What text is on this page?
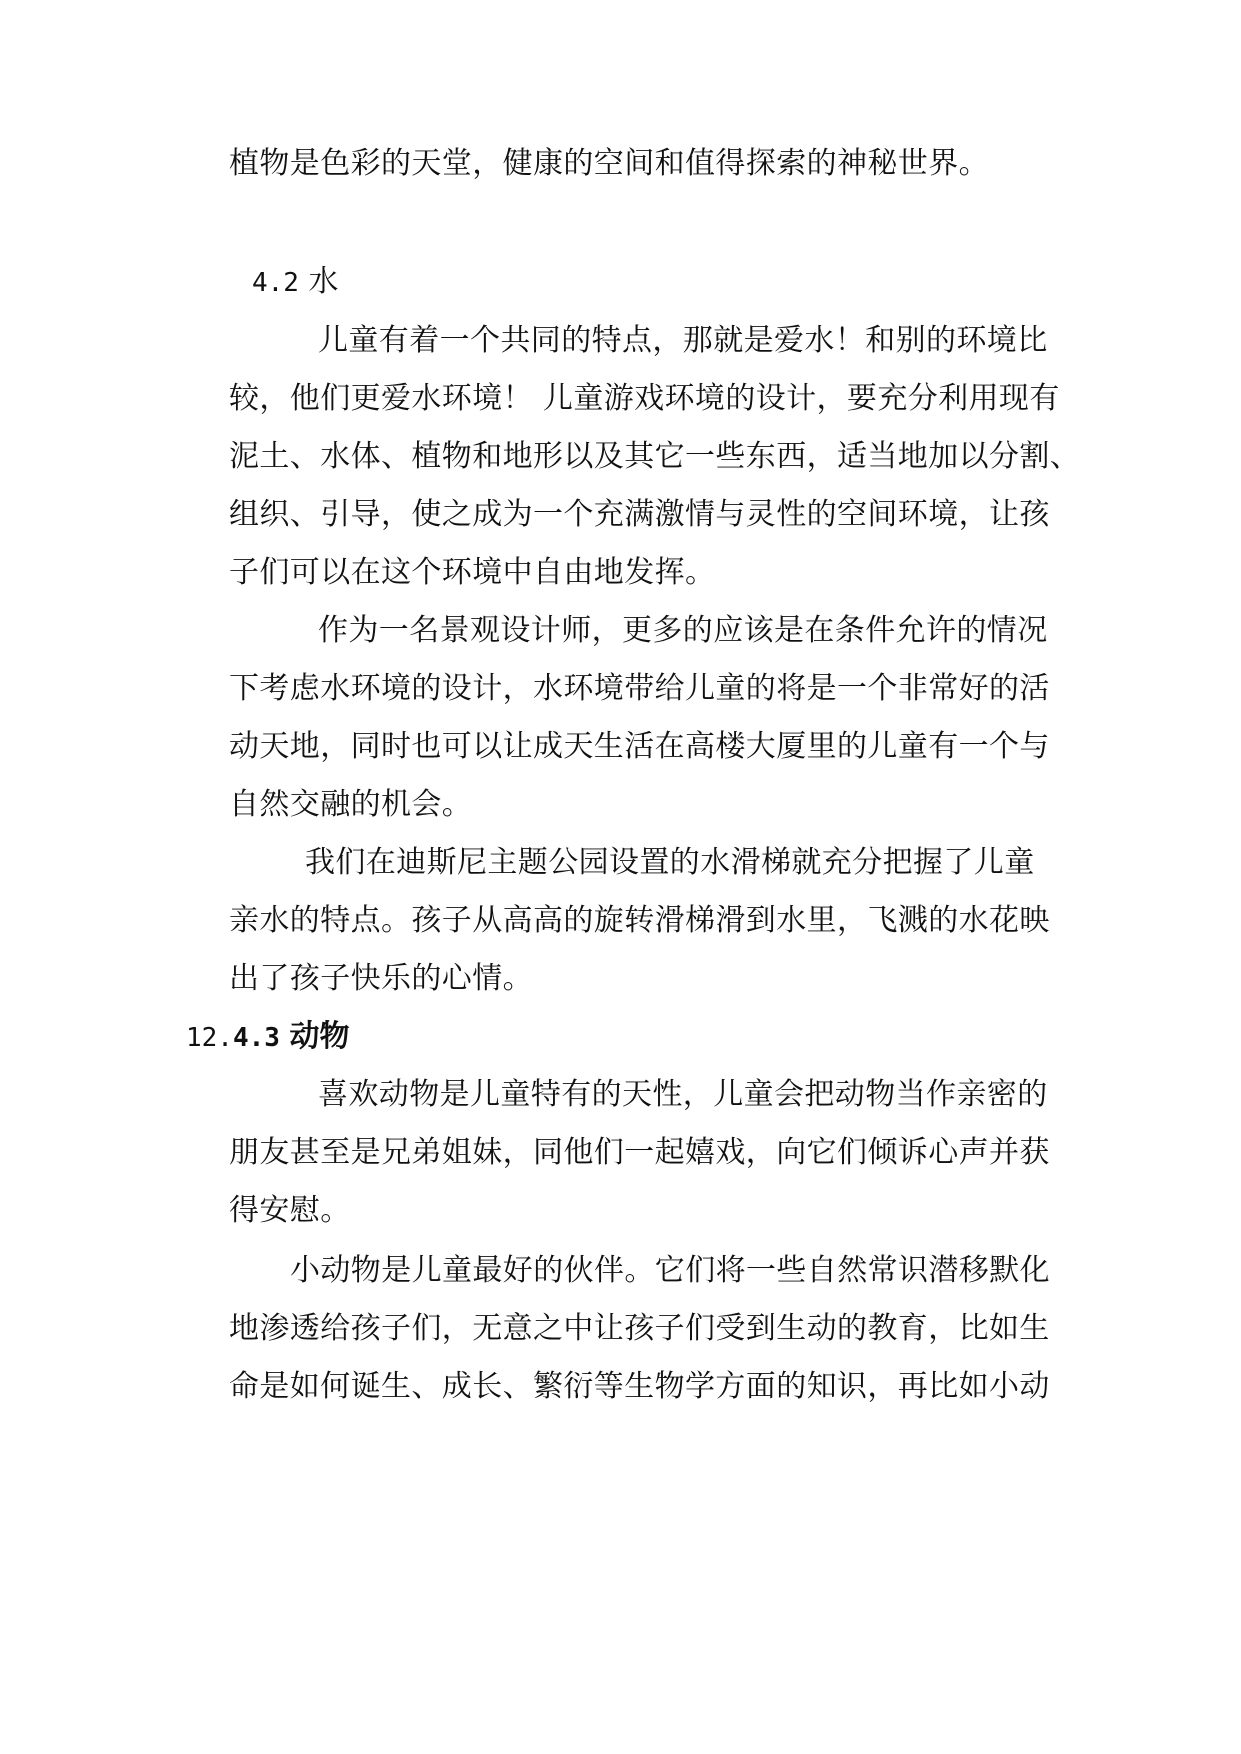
植物是色彩的天堂，健康的空间和值得探索的神秘世界。
4.2 水
儿童有着一个共同的特点，那就是爱水！和别的环境比
较，他们更爱水环境！ 儿童游戏环境的设计，要充分利用现有
泥土、水体、植物和地形以及其它一些东西，适当地加以分割、
组织、引导，使之成为一个充满激情与灵性的空间环境，让孩
子们可以在这个环境中自由地发挥。
作为一名景观设计师，更多的应该是在条件允许的情况
下考虑水环境的设计，水环境带给儿童的将是一个非常好的活
动天地，同时也可以让成天生活在高楼大厦里的儿童有一个与
自然交融的机会。
我们在迪斯尼主题公园设置的水滑梯就充分把握了儿童
亲水的特点。孩子从高高的旋转滑梯滑到水里，飞溅的水花映
出了孩子快乐的心情。
12.4.3 动物
喜欢动物是儿童特有的天性，儿童会把动物当作亲密的
朋友甚至是兄弟姐妹，同他们一起嬉戏，向它们倾诉心声并获
得安慰。
小动物是儿童最好的伙伴。它们将一些自然常识潜移默化
地渗透给孩子们，无意之中让孩子们受到生动的教育，比如生
命是如何诞生、成长、繁衍等生物学方面的知识，再比如小动
